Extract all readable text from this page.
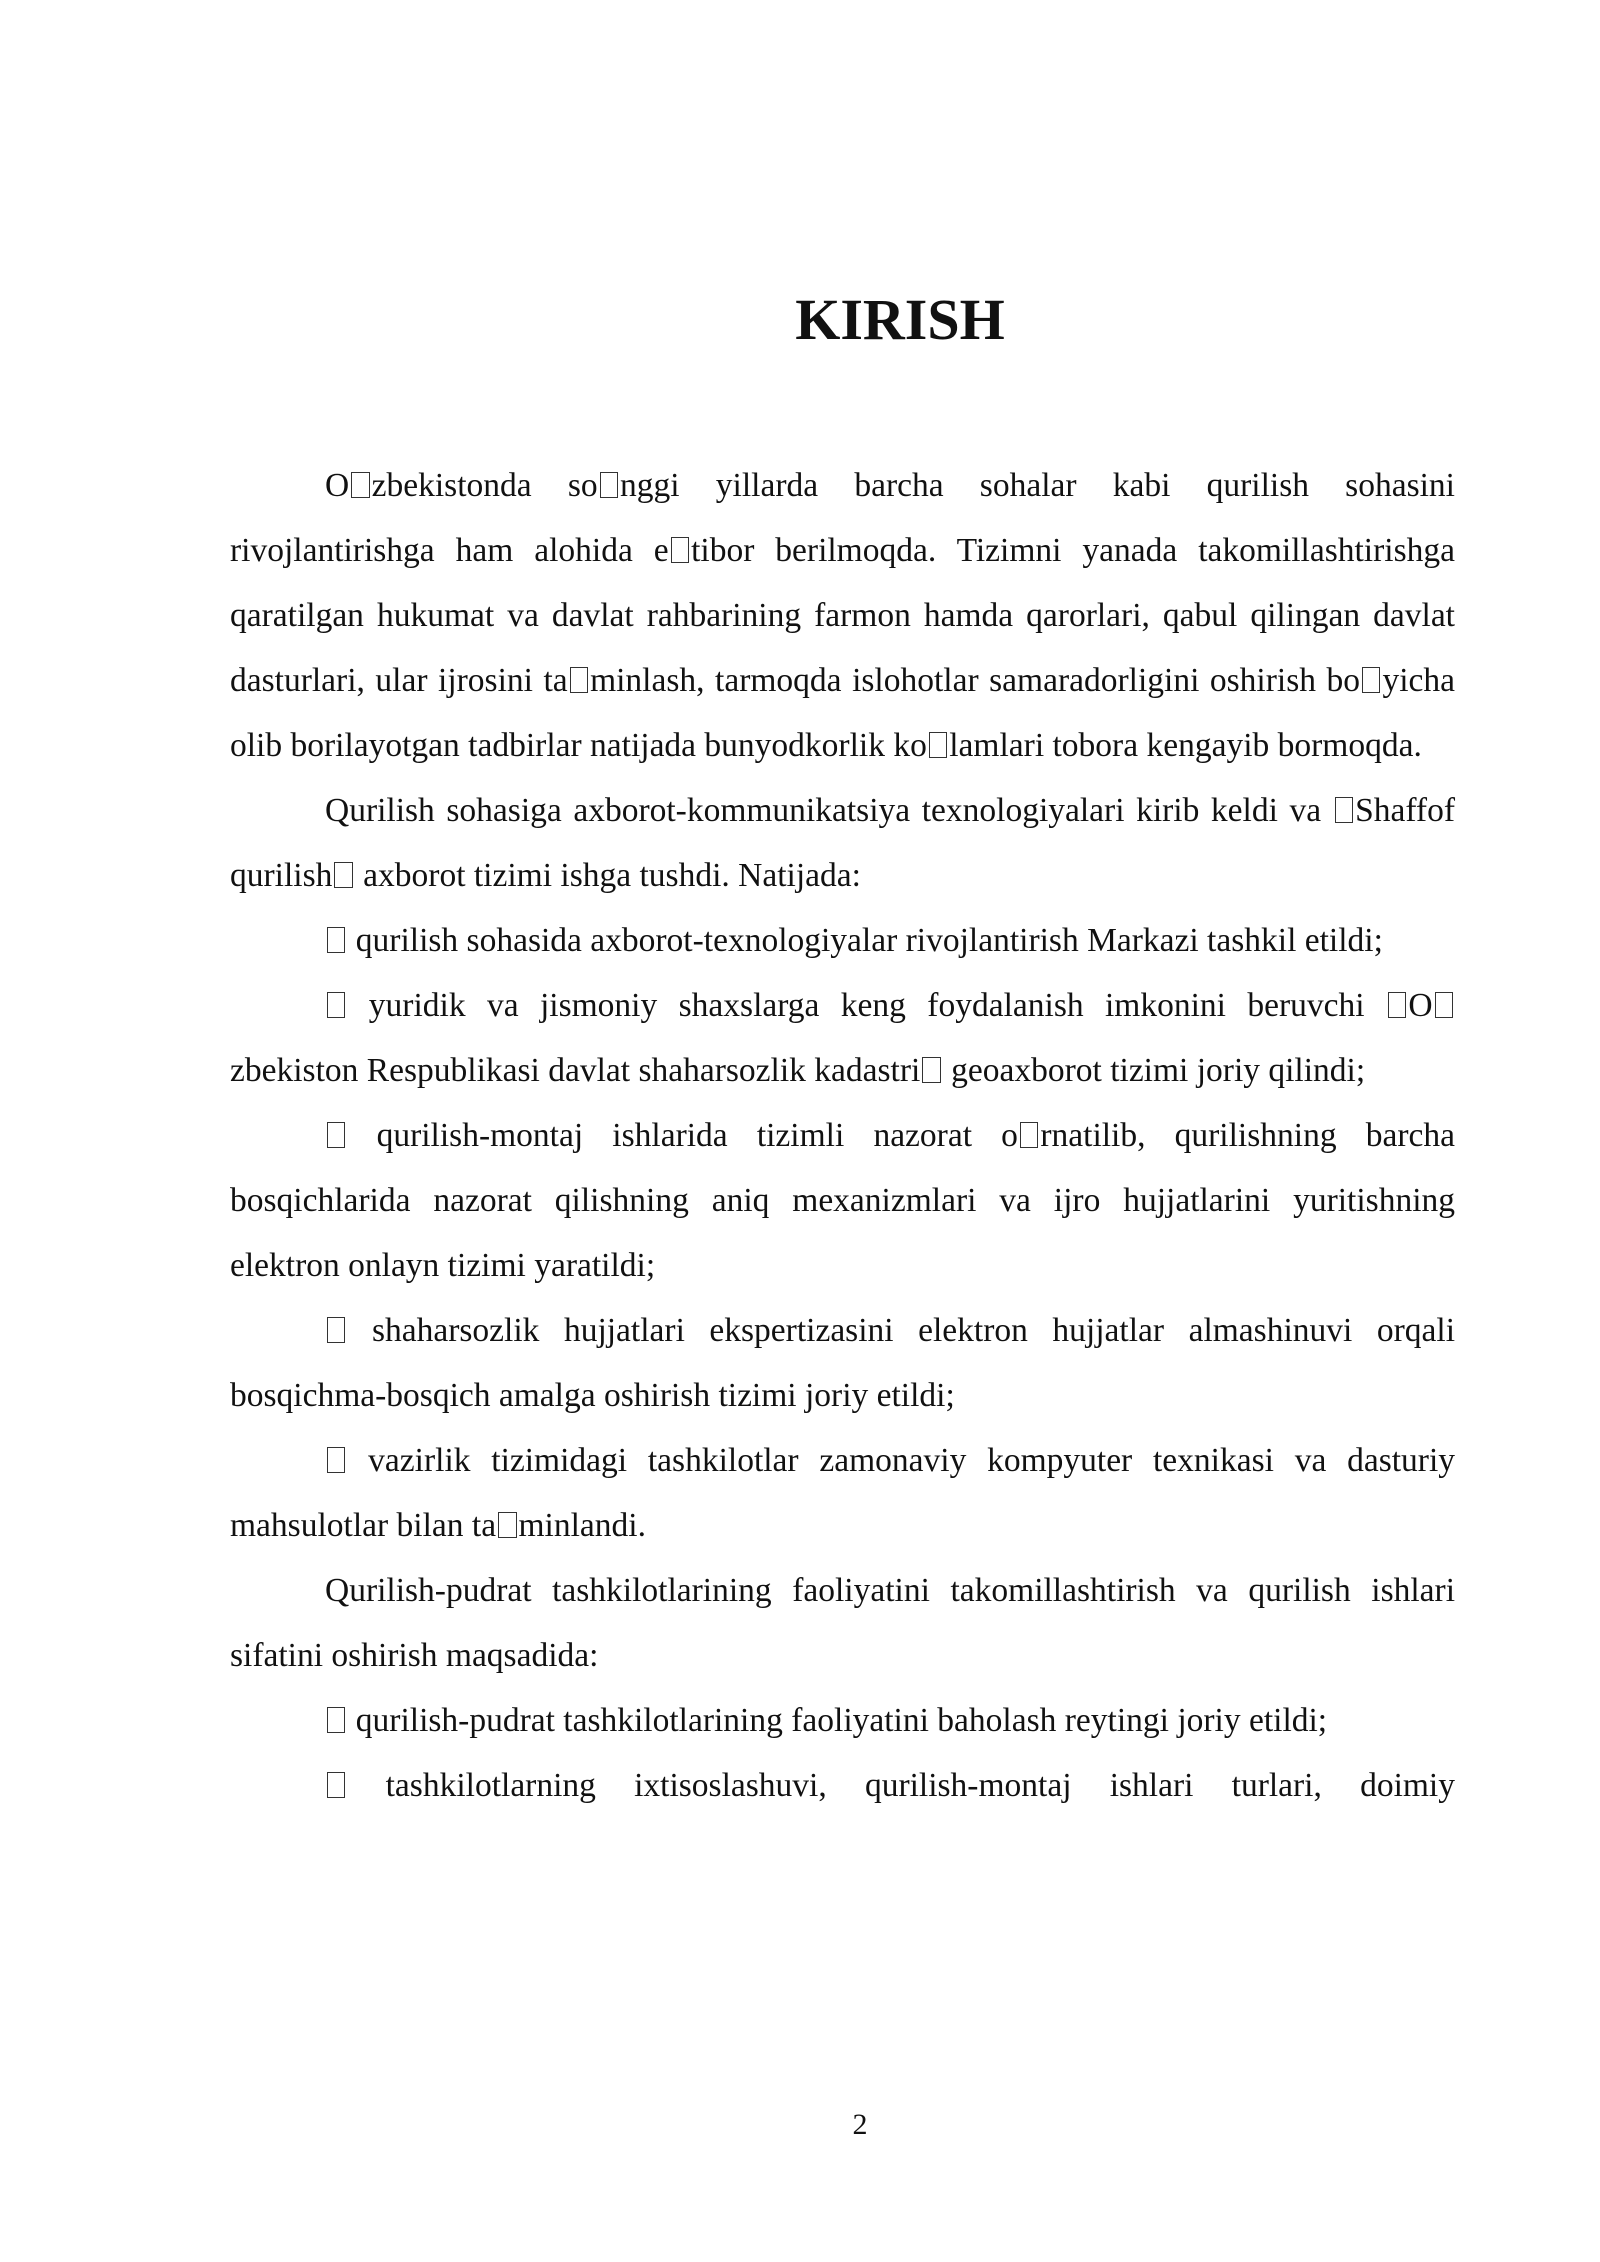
KIRISH

O zbekistonda so nggi yillarda barcha sohalar kabi qurilish sohasini rivojlantirishga ham alohida e tibor berilmoqda. Tizimni yanada takomillashtirishga qaratilgan hukumat va davlat rahbarining farmon hamda qarorlari, qabul qilingan davlat dasturlari, ular ijrosini ta minlash, tarmoqda islohotlar samaradorligini oshirish bo yicha olib borilayotgan tadbirlar natijada bunyodkorlik ko lamlari tobora kengayib bormoqda.

Qurilish sohasiga axborot-kommunikatsiya texnologiyalari kirib keldi va Shaffof qurilish axborot tizimi ishga tushdi. Natijada:

qurilish sohasida axborot-texnologiyalar rivojlantirish Markazi tashkil etildi;

yuridik va jismoniy shaxslarga keng foydalanish imkonini beruvchi Ozbekiston Respublikasi davlat shaharsozlik kadastri geoaxborot tizimi joriy qilindi;

qurilish-montaj ishlarida tizimli nazorat o rnatilib, qurilishning barcha bosqichlarida nazorat qilishning aniq mexanizmlari va ijro hujjatlarini yuritishning elektron onlayn tizimi yaratildi;

shaharsozlik hujjatlari ekspertizasini elektron hujjatlar almashinuvi orqali bosqichma-bosqich amalga oshirish tizimi joriy etildi;

vazirlik tizimidagi tashkilotlar zamonaviy kompyuter texnikasi va dasturiy mahsulotlar bilan ta minlandi.

Qurilish-pudrat tashkilotlarining faoliyatini takomillashtirish va qurilish ishlari sifatini oshirish maqsadida:

qurilish-pudrat tashkilotlarining faoliyatini baholash reytingi joriy etildi;

tashkilotlarning ixtisoslashuvi, qurilish-montaj ishlari turlari, doimiy

2
